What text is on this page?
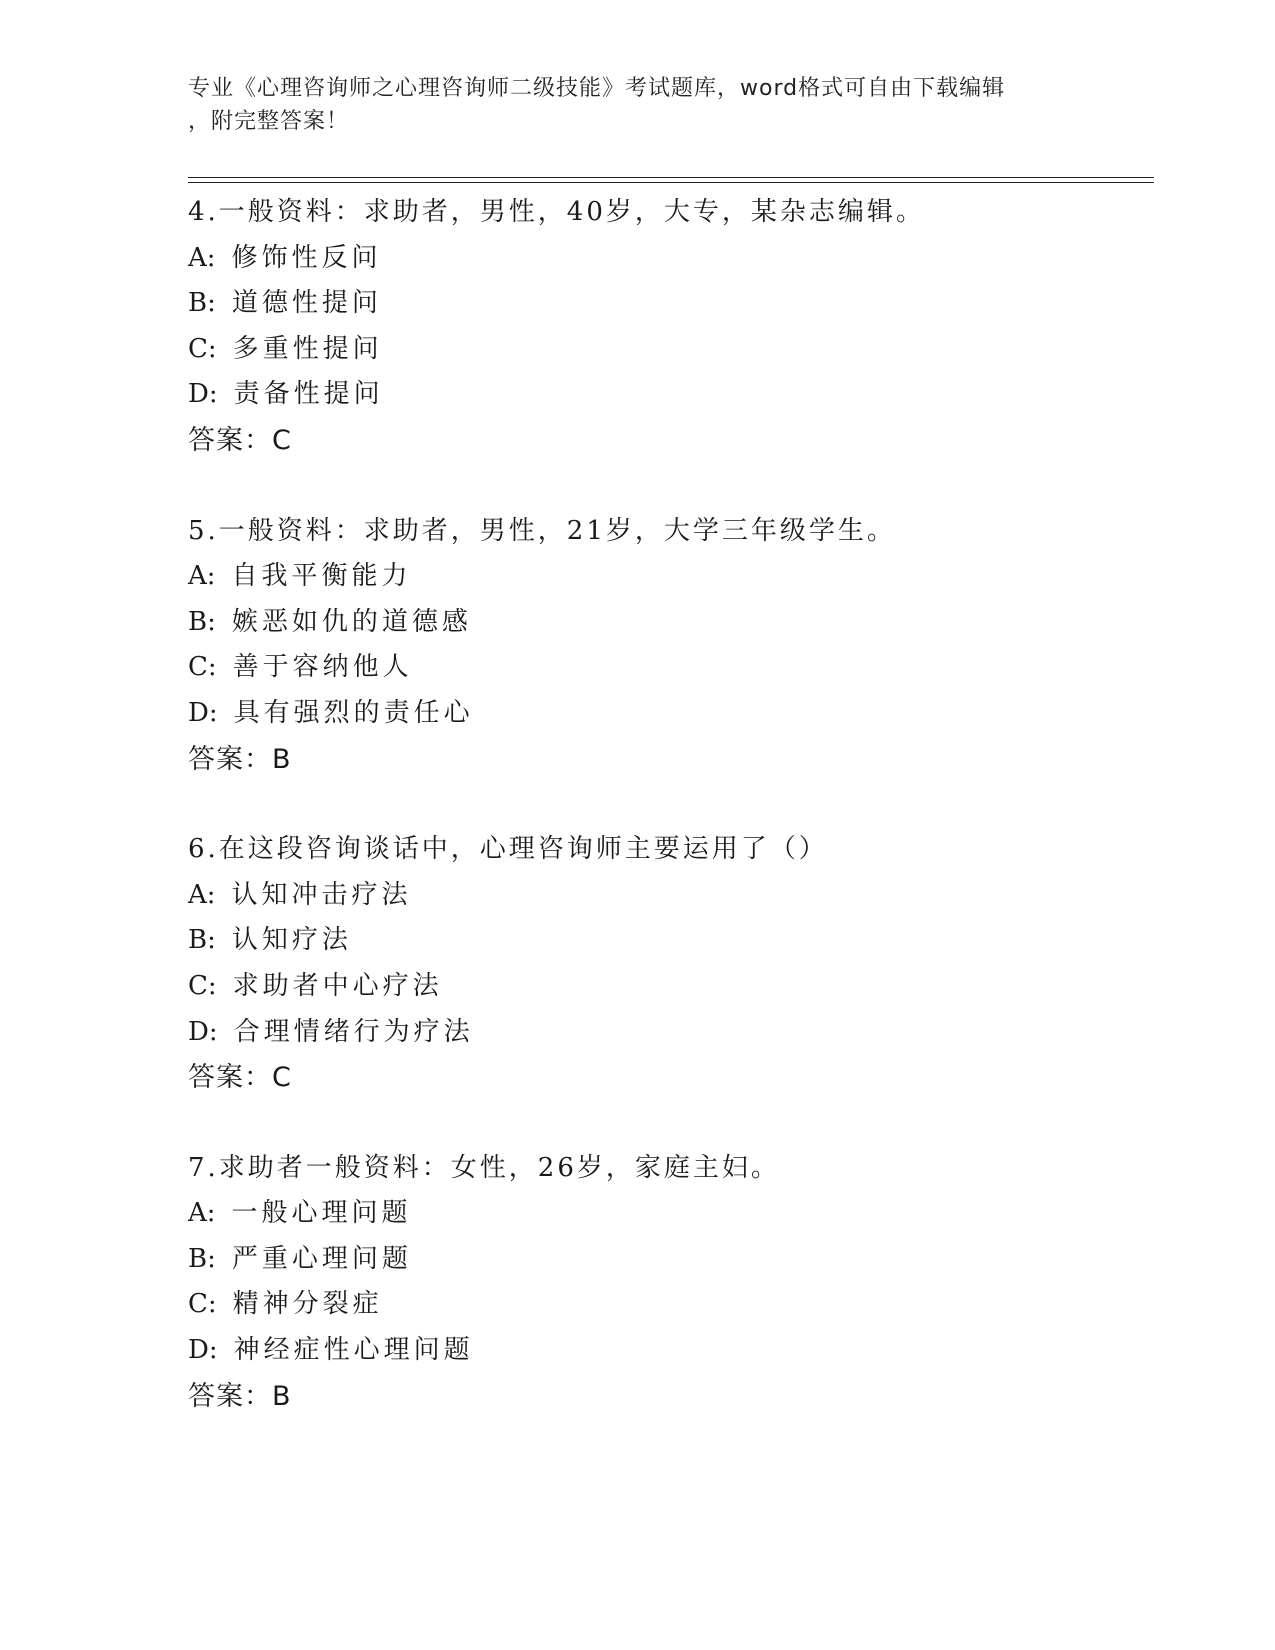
专业《心理咨询师之心理咨询师二级技能》考试题库，word格式可自由下载编辑
，附完整答案！
4.一般资料：求助者，男性，40岁，大专，某杂志编辑。
A: 修饰性反问
B: 道德性提问
C: 多重性提问
D: 责备性提问
答案：C
5.一般资料：求助者，男性，21岁，大学三年级学生。
A: 自我平衡能力
B: 嫉恶如仇的道德感
C: 善于容纳他人
D: 具有强烈的责任心
答案：B
6.在这段咨询谈话中，心理咨询师主要运用了（）
A: 认知冲击疗法
B: 认知疗法
C: 求助者中心疗法
D: 合理情绪行为疗法
答案：C
7.求助者一般资料：女性，26岁，家庭主妇。
A: 一般心理问题
B: 严重心理问题
C: 精神分裂症
D: 神经症性心理问题
答案：B
